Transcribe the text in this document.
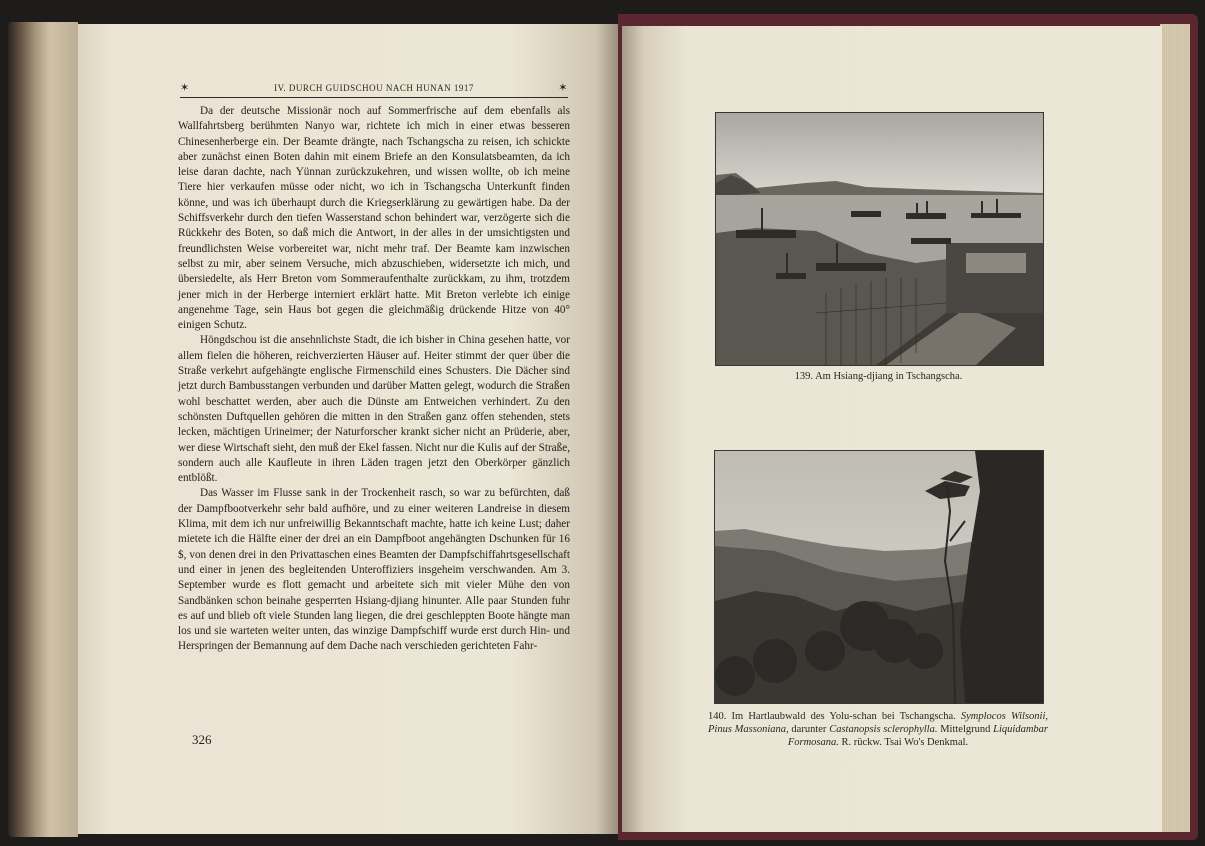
✶	IV. DURCH GUIDSCHOU NACH HUNAN 1917	✶

Da der deutsche Missionär noch auf Sommerfrische auf dem ebenfalls als Wallfahrtsberg berühmten Nanyo war, richtete ich mich in einer etwas besseren Chinesenherberge ein. Der Beamte drängte, nach Tschangscha zu reisen, ich schickte aber zunächst einen Boten dahin mit einem Briefe an den Konsulatsbeamten, da ich leise daran dachte, nach Yünnan zurückzukehren, und wissen wollte, ob ich meine Tiere hier verkaufen müsse oder nicht, wo ich in Tschangscha Unterkunft finden könne, und was ich überhaupt durch die Kriegserklärung zu gewärtigen habe. Da der Schiffsverkehr durch den tiefen Wasserstand schon behindert war, verzögerte sich die Rückkehr des Boten, so daß mich die Antwort, in der alles in der umsichtigsten und freundlichsten Weise vorbereitet war, nicht mehr traf. Der Beamte kam inzwischen selbst zu mir, aber seinem Versuche, mich abzuschieben, widersetzte ich mich, und übersiedelte, als Herr Breton vom Sommeraufenthalte zurückkam, zu ihm, trotzdem jener mich in der Herberge interniert erklärt hatte. Mit Breton verlebte ich einige angenehme Tage, sein Haus bot gegen die gleichmäßig drückende Hitze von 40° einigen Schutz.

Höngdschou ist die ansehnlichste Stadt, die ich bisher in China gesehen hatte, vor allem fielen die höheren, reichverzierten Häuser auf. Heiter stimmt der quer über die Straße verkehrt aufgehängte englische Firmenschild eines Schusters. Die Dächer sind jetzt durch Bambusstangen verbunden und darüber Matten gelegt, wodurch die Straßen wohl beschattet werden, aber auch die Dünste am Entweichen verhindert. Zu den schönsten Duftquellen gehören die mitten in den Straßen ganz offen stehenden, stets lecken, mächtigen Urineimer; der Naturforscher krankt sicher nicht an Prüderie, aber, wer diese Wirtschaft sieht, den muß der Ekel fassen. Nicht nur die Kulis auf der Straße, sondern auch alle Kaufleute in ihren Läden tragen jetzt den Oberkörper gänzlich entblößt.

Das Wasser im Flusse sank in der Trockenheit rasch, so war zu befürchten, daß der Dampfbootverkehr sehr bald aufhöre, und zu einer weiteren Landreise in diesem Klima, mit dem ich nur unfreiwillig Bekanntschaft machte, hatte ich keine Lust; daher mietete ich die Hälfte einer der drei an ein Dampfboot angehängten Dschunken für 16 $, von denen drei in den Privattaschen eines Beamten der Dampfschiffahrtsgesellschaft und einer in jenen des begleitenden Unteroffiziers insgeheim verschwanden. Am 3. September wurde es flott gemacht und arbeitete sich mit vieler Mühe den von Sandbänken schon beinahe gesperrten Hsiang-djiang hinunter. Alle paar Stunden fuhr es auf und blieb oft viele Stunden lang liegen, die drei geschleppten Boote hängte man los und sie warteten weiter unten, das winzige Dampfschiff wurde erst durch Hin- und Herspringen der Bemannung auf dem Dache nach verschieden gerichteten Fahr-

326
139. Am Hsiang-djiang in Tschangscha.
140. Im Hartlaubwald des Yolu-schan bei Tschangscha. Symplocos Wilsonii, Pinus Massoniana, darunter Castanopsis sclerophylla. Mittelgrund Liquidambar Formosana. R. rückw. Tsai Wo's Denkmal.
